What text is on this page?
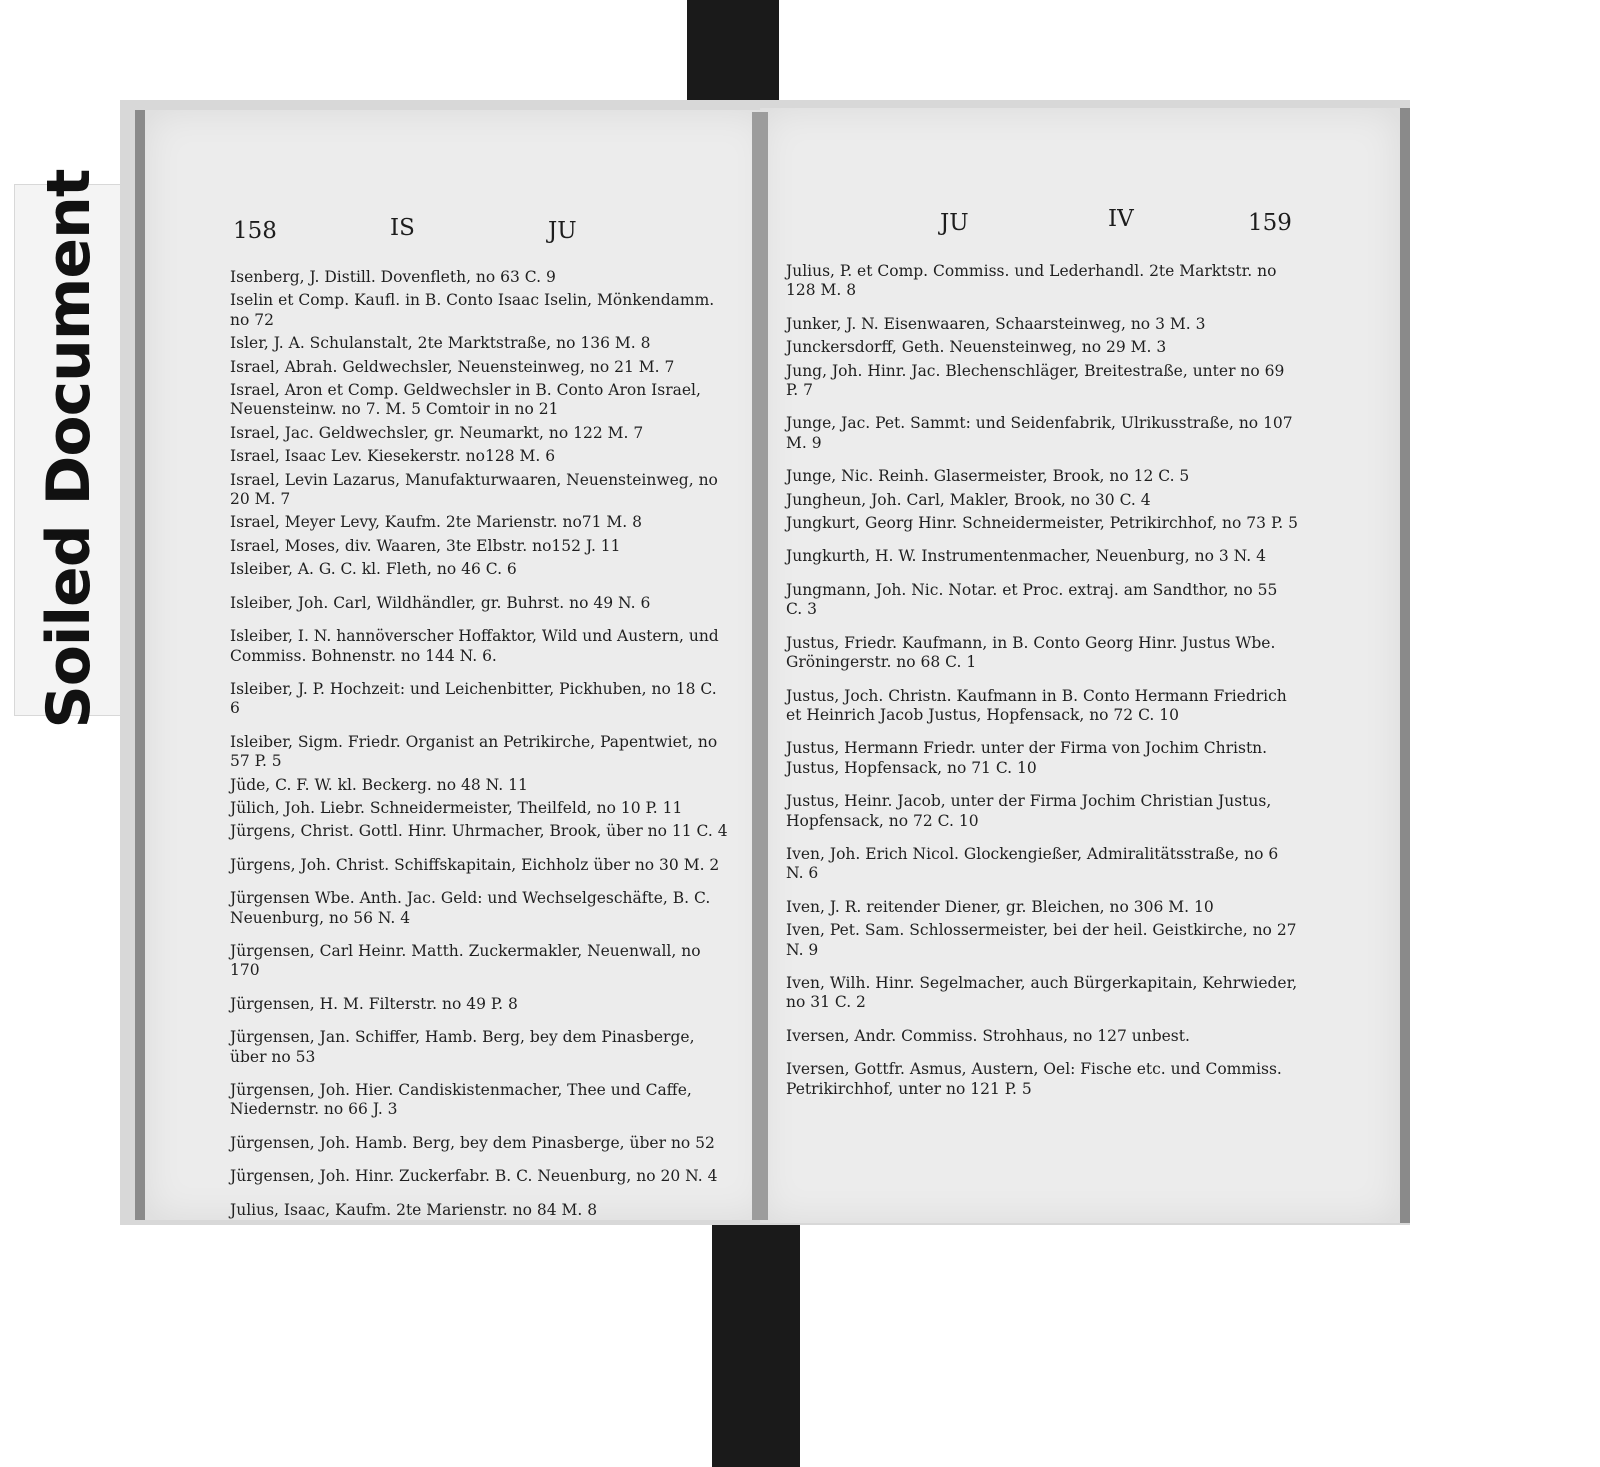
Soiled Document	158	IS	JU	JU	IV	159
Isenberg, J. Distill. Dovenfleth, no 63 C. 9
Iselin et Comp. Kaufl. in B. Conto Isaac Iselin, Mönkendamm. no 72
Isler, J. A. Schulanstalt, 2te Marktstraße, no 136 M. 8
Israel, Abrah. Geldwechsler, Neuensteinweg, no 21 M. 7
Israel, Aron et Comp. Geldwechsler in B. Conto Aron Israel, Neuensteinw. no 7. M. 5 Comtoir in no 21
Israel, Jac. Geldwechsler, gr. Neumarkt, no 122 M. 7
Israel, Isaac Lev. Kiesekerstr. no128 M. 6
Israel, Levin Lazarus, Manufakturwaaren, Neuensteinweg, no 20 M. 7
Israel, Meyer Levy, Kaufm. 2te Marienstr. no71 M. 8
Israel, Moses, div. Waaren, 3te Elbstr. no152 J. 11
Isleiber, A. G. C. kl. Fleth, no 46 C. 6
Isleiber, Joh. Carl, Wildhändler, gr. Buhrst. no 49 N. 6
Isleiber, I. N. hannöverscher Hoffaktor, Wild und Austern, und Commiss. Bohnenstr. no 144 N. 6.
Isleiber, J. P. Hochzeit: und Leichenbitter, Pickhuben, no 18 C. 6
Isleiber, Sigm. Friedr. Organist an Petrikirche, Papentwiet, no 57 P. 5
Jüde, C. F. W. kl. Beckerg. no 48 N. 11
Jülich, Joh. Liebr. Schneidermeister, Theilfeld, no 10 P. 11
Jürgens, Christ. Gottl. Hinr. Uhrmacher, Brook, über no 11 C. 4
Jürgens, Joh. Christ. Schiffskapitain, Eichholz über no 30 M. 2
Jürgensen Wbe. Anth. Jac. Geld: und Wechselgeschäfte, B. C. Neuenburg, no 56 N. 4
Jürgensen, Carl Heinr. Matth. Zuckermakler, Neuenwall, no 170
Jürgensen, H. M. Filterstr. no 49 P. 8
Jürgensen, Jan. Schiffer, Hamb. Berg, bey dem Pinasberge, über no 53
Jürgensen, Joh. Hier. Candiskistenmacher, Thee und Caffe, Niedernstr. no 66 J. 3
Jürgensen, Joh. Hamb. Berg, bey dem Pinasberge, über no 52
Jürgensen, Joh. Hinr. Zuckerfabr. B. C. Neuenburg, no 20 N. 4
Julius, Isaac, Kaufm. 2te Marienstr. no 84 M. 8
Julius, P. et Comp. Commiss. und Lederhandl. 2te Marktstr. no 128 M. 8
Junker, J. N. Eisenwaaren, Schaarsteinweg, no 3 M. 3
Junckersdorff, Geth. Neuensteinweg, no 29 M. 3
Jung, Joh. Hinr. Jac. Blechenschläger, Breitestraße, unter no 69 P. 7
Junge, Jac. Pet. Sammt: und Seidenfabrik, Ulrikusstraße, no 107 M. 9
Junge, Nic. Reinh. Glasermeister, Brook, no 12 C. 5
Jungheun, Joh. Carl, Makler, Brook, no 30 C. 4
Jungkurt, Georg Hinr. Schneidermeister, Petrikirchhof, no 73 P. 5
Jungkurth, H. W. Instrumentenmacher, Neuenburg, no 3 N. 4
Jungmann, Joh. Nic. Notar. et Proc. extraj. am Sandthor, no 55 C. 3
Justus, Friedr. Kaufmann, in B. Conto Georg Hinr. Justus Wbe. Gröningerstr. no 68 C. 1
Justus, Joch. Christn. Kaufmann in B. Conto Hermann Friedrich et Heinrich Jacob Justus, Hopfensack, no 72 C. 10
Justus, Hermann Friedr. unter der Firma von Jochim Christn. Justus, Hopfensack, no 71 C. 10
Justus, Heinr. Jacob, unter der Firma Jochim Christian Justus, Hopfensack, no 72 C. 10
Iven, Joh. Erich Nicol. Glockengießer, Admiralitätsstraße, no 6 N. 6
Iven, J. R. reitender Diener, gr. Bleichen, no 306 M. 10
Iven, Pet. Sam. Schlossermeister, bei der heil. Geistkirche, no 27 N. 9
Iven, Wilh. Hinr. Segelmacher, auch Bürgerkapitain, Kehrwieder, no 31 C. 2
Iversen, Andr. Commiss. Strohhaus, no 127 unbest.
Iversen, Gottfr. Asmus, Austern, Oel: Fische etc. und Commiss. Petrikirchhof, unter no 121 P. 5
